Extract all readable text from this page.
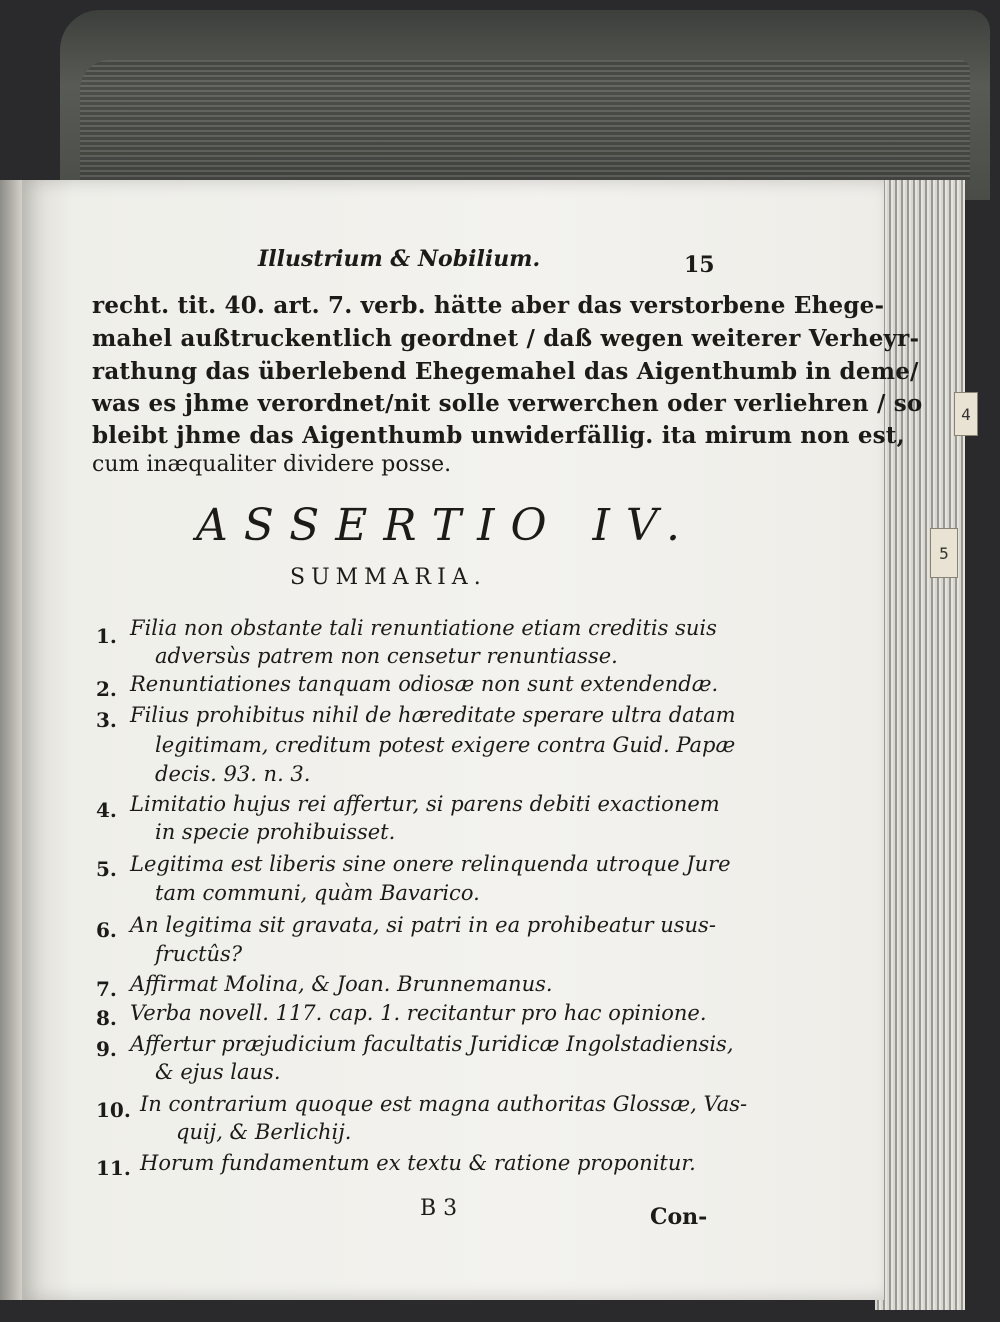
4
5
Illustrium & Nobilium.	15
recht. tit. 40. art. 7. verb. hätte aber das verstorbene Ehege-
mahel außtruckentlich geordnet / daß wegen weiterer Verheyr-
rathung das überlebend Ehegemahel das Aigenthumb in deme/
was es jhme verordnet/nit solle verwerchen oder verliehren / so
bleibt jhme das Aigenthumb unwiderfällig. ita mirum non est,
cum inæqualiter dividere posse.
ASSERTIO IV.
SUMMARIA.
1. Filia non obstante tali renuntiatione etiam creditis suis
adversùs patrem non censetur renuntiasse.
2. Renuntiationes tanquam odiosæ non sunt extendendæ.
3. Filius prohibitus nihil de hæreditate sperare ultra datam
legitimam, creditum potest exigere contra Guid. Papæ
decis. 93. n. 3.
4. Limitatio hujus rei affertur, si parens debiti exactionem
in specie prohibuisset.
5. Legitima est liberis sine onere relinquenda utroque Jure
tam communi, quàm Bavarico.
6. An legitima sit gravata, si patri in ea prohibeatur usus-
fructûs?
7. Affirmat Molina, & Joan. Brunnemanus.
8. Verba novell. 117. cap. 1. recitantur pro hac opinione.
9. Affertur præjudicium facultatis Juridicæ Ingolstadiensis,
& ejus laus.
10. In contrarium quoque est magna authoritas Glossæ, Vas-
quij, & Berlichij.
11. Horum fundamentum ex textu & ratione proponitur.
B 3	Con-
